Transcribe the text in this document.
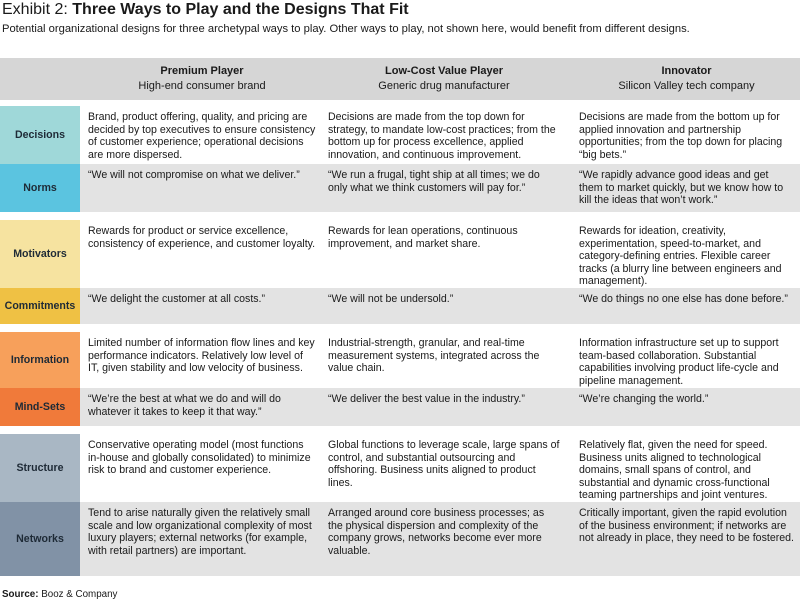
Exhibit 2: Three Ways to Play and the Designs That Fit
Potential organizational designs for three archetypal ways to play. Other ways to play, not shown here, would benefit from different designs.
Premium Player
High-end consumer brand
Low-Cost Value Player
Generic drug manufacturer
Innovator
Silicon Valley tech company
Decisions
Brand, product offering, quality, and pricing are decided by top executives to ensure consistency of customer experience; operational decisions are more dispersed.
Decisions are made from the top down for strategy, to mandate low-cost practices; from the bottom up for process excellence, applied innovation, and continuous improvement.
Decisions are made from the bottom up for applied innovation and partnership opportunities; from the top down for placing “big bets.”
Norms
“We will not compromise on what we deliver.”	“We run a frugal, tight ship at all times; we do only what we think customers will pay for.”
“We rapidly advance good ideas and get them to market quickly, but we know how to kill the ideas that won’t work.”
Motivators
Rewards for product or service excellence, consistency of experience, and customer loyalty.
Rewards for lean operations, continuous improvement, and market share.
Rewards for ideation, creativity, experimentation, speed-to-market, and category-defining entries. Flexible career tracks (a blurry line between engineers and management).
Commitments
“We delight the customer at all costs.”	“We will not be undersold.”	“We do things no one else has done before.”
Information
Limited number of information flow lines and key performance indicators. Relatively low level of IT, given stability and low velocity of business.
Industrial-strength, granular, and real-time measurement systems, integrated across the value chain.
Information infrastructure set up to support team-based collaboration. Substantial capabilities involving product life-cycle and pipeline management.
Mind-Sets
“We’re the best at what we do and will do whatever it takes to keep it that way.”
“We deliver the best value in the industry.”	“We’re changing the world.”
Structure
Conservative operating model (most functions in-house and globally consolidated) to minimize risk to brand and customer experience.
Global functions to leverage scale, large spans of control, and substantial outsourcing and offshoring. Business units aligned to product lines.
Relatively flat, given the need for speed. Business units aligned to technological domains, small spans of control, and substantial and dynamic cross-functional teaming partnerships and joint ventures.
Networks
Tend to arise naturally given the relatively small scale and low organizational complexity of most luxury players; external networks (for example, with retail partners) are important.
Arranged around core business processes; as the physical dispersion and complexity of the company grows, networks become ever more valuable.
Critically important, given the rapid evolution of the business environment; if networks are not already in place, they need to be fostered.
Source: Booz & Company
